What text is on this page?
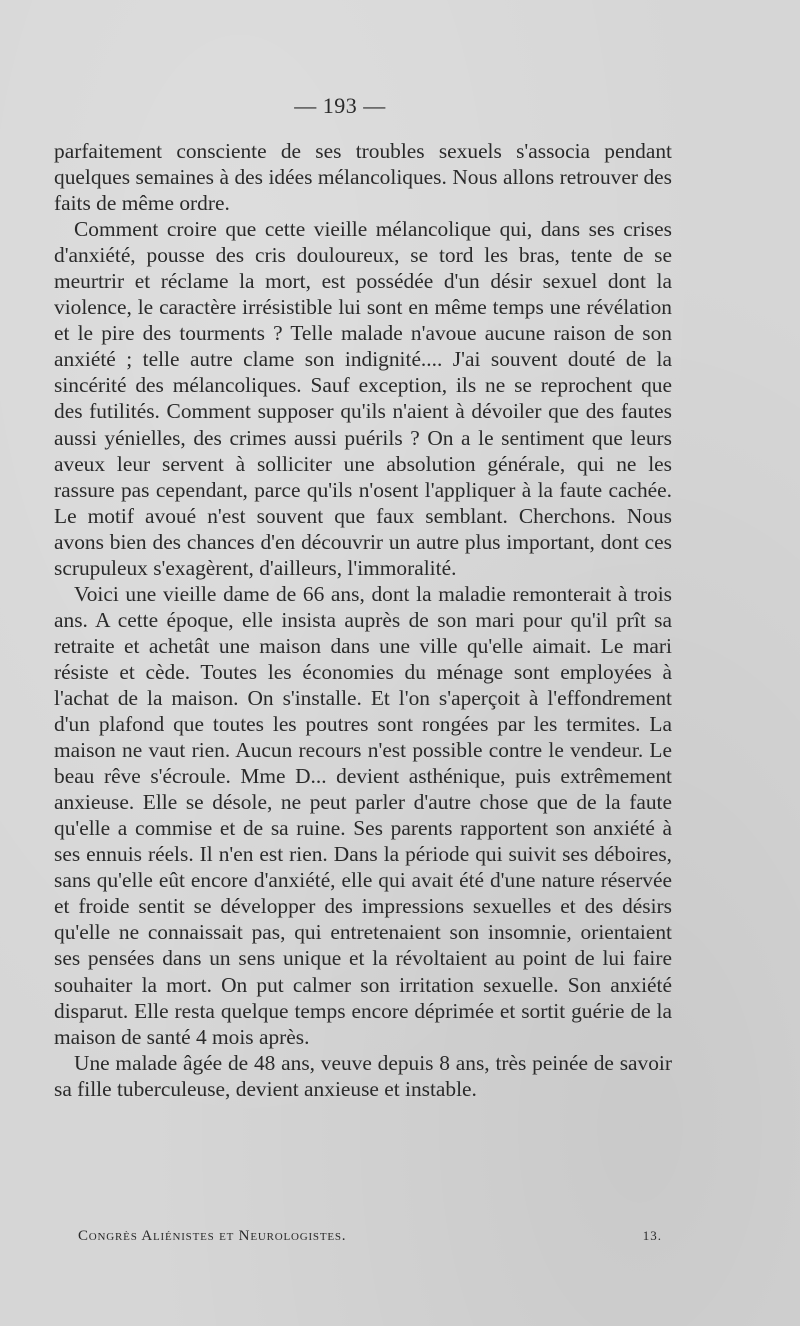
— 193 —

parfaitement consciente de ses troubles sexuels s'associa pendant quelques semaines à des idées mélancoliques. Nous allons retrouver des faits de même ordre.

Comment croire que cette vieille mélancolique qui, dans ses crises d'anxiété, pousse des cris douloureux, se tord les bras, tente de se meurtrir et réclame la mort, est possédée d'un désir sexuel dont la violence, le caractère irrésistible lui sont en même temps une révélation et le pire des tourments ? Telle malade n'avoue aucune raison de son anxiété ; telle autre clame son indignité.... J'ai souvent douté de la sincérité des mélancoliques. Sauf exception, ils ne se reprochent que des futilités. Comment supposer qu'ils n'aient à dévoiler que des fautes aussi yénielles, des crimes aussi puérils ? On a le sentiment que leurs aveux leur servent à solliciter une absolution générale, qui ne les rassure pas cependant, parce qu'ils n'osent l'appliquer à la faute cachée. Le motif avoué n'est souvent que faux semblant. Cherchons. Nous avons bien des chances d'en découvrir un autre plus important, dont ces scrupuleux s'exagèrent, d'ailleurs, l'immoralité.

Voici une vieille dame de 66 ans, dont la maladie remonterait à trois ans. A cette époque, elle insista auprès de son mari pour qu'il prît sa retraite et achetât une maison dans une ville qu'elle aimait. Le mari résiste et cède. Toutes les économies du ménage sont employées à l'achat de la maison. On s'installe. Et l'on s'aperçoit à l'effondrement d'un plafond que toutes les poutres sont rongées par les termites. La maison ne vaut rien. Aucun recours n'est possible contre le vendeur. Le beau rêve s'écroule. Mme D... devient asthénique, puis extrêmement anxieuse. Elle se désole, ne peut parler d'autre chose que de la faute qu'elle a commise et de sa ruine. Ses parents rapportent son anxiété à ses ennuis réels. Il n'en est rien. Dans la période qui suivit ses déboires, sans qu'elle eût encore d'anxiété, elle qui avait été d'une nature réservée et froide sentit se développer des impressions sexuelles et des désirs qu'elle ne connaissait pas, qui entretenaient son insomnie, orientaient ses pensées dans un sens unique et la révoltaient au point de lui faire souhaiter la mort. On put calmer son irritation sexuelle. Son anxiété disparut. Elle resta quelque temps encore déprimée et sortit guérie de la maison de santé 4 mois après.

Une malade âgée de 48 ans, veuve depuis 8 ans, très peinée de savoir sa fille tuberculeuse, devient anxieuse et instable.

Congrès Aliénistes et Neurologistes.	13.
